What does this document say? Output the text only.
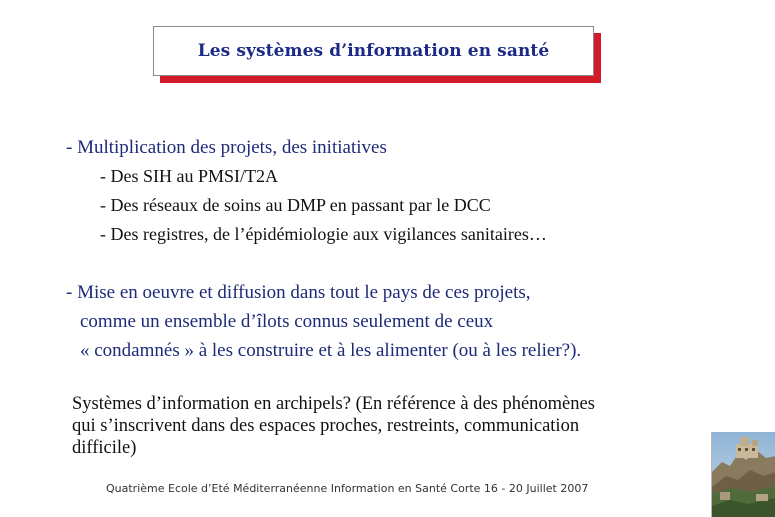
Les systèmes d’information en santé
- Multiplication des projets, des initiatives
- Des SIH au PMSI/T2A
- Des réseaux de soins au DMP en passant par le DCC
- Des registres, de l’épidémiologie aux vigilances sanitaires…
- Mise en oeuvre et diffusion dans tout le pays de ces projets,
comme un ensemble d’îlots connus seulement de ceux
« condamnés » à les construire et à les alimenter (ou à les relier?).
Systèmes d’information en archipels? (En référence à des phénomènes
qui s’inscrivent dans des espaces proches, restreints, communication
difficile)
Quatrième Ecole d’Eté Méditerranéenne Information en Santé Corte 16 - 20 Juillet 2007
